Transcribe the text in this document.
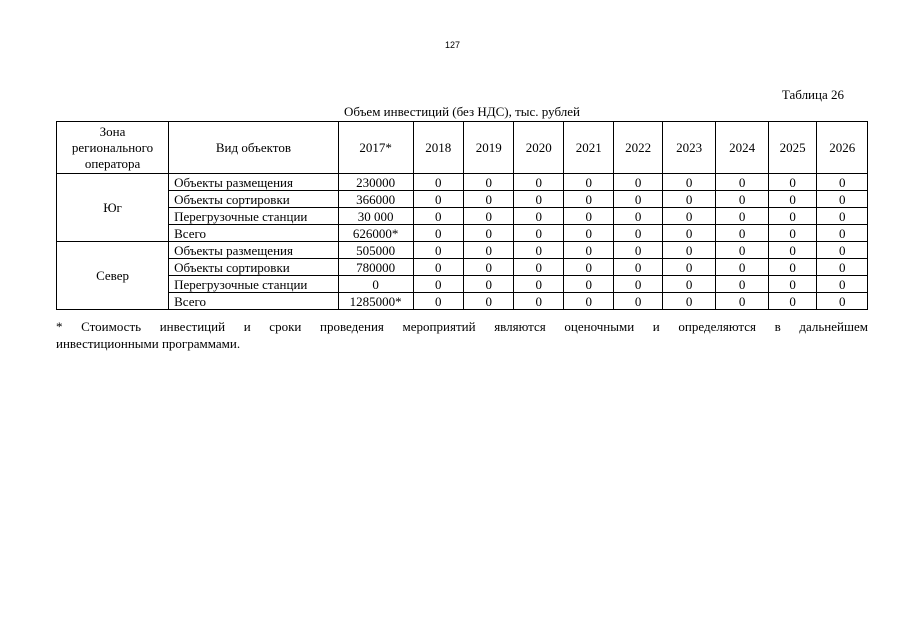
127
Таблица 26
Объем инвестиций (без НДС), тыс. рублей
Зона регионального оператора	Вид объектов	2017*	2018	2019	2020	2021	2022	2023	2024	2025	2026
Юг	Объекты размещения	230000	0	0	0	0	0	0	0	0	0
	Объекты сортировки	366000	0	0	0	0	0	0	0	0	0
	Перегрузочные станции	30 000	0	0	0	0	0	0	0	0	0
	Всего	626000*	0	0	0	0	0	0	0	0	0
Север	Объекты размещения	505000	0	0	0	0	0	0	0	0	0
	Объекты сортировки	780000	0	0	0	0	0	0	0	0	0
	Перегрузочные станции	0	0	0	0	0	0	0	0	0	0
	Всего	1285000*	0	0	0	0	0	0	0	0	0
* Стоимость инвестиций и сроки проведения мероприятий являются оценочными и определяются в дальнейшем
инвестиционными программами.
